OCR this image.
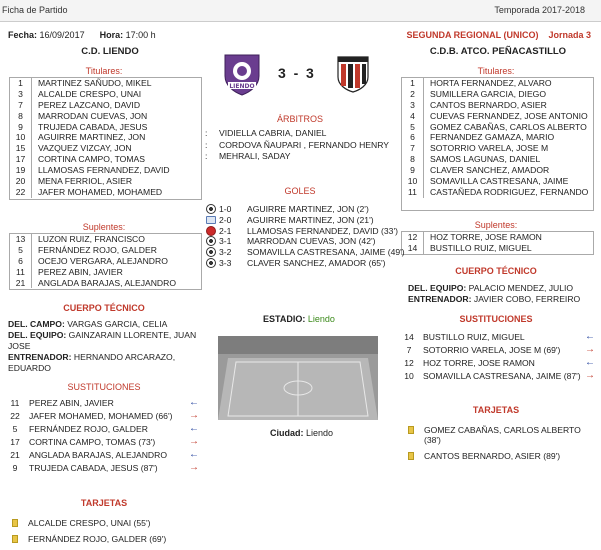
Ficha de Partido	Temporada 2017-2018
Fecha: 16/09/2017 Hora: 17:00 h	SEGUNDA REGIONAL (UNICO) Jornada 3
C.D. LIENDO	C.D.B. ATCO. PEÑACASTILLO
LIENDO
3 - 3
Titulares:
1	MARTINEZ SAÑUDO, MIKEL
3	ALCALDE CRESPO, UNAI
7	PEREZ LAZCANO, DAVID
8	MARRODAN CUEVAS, JON
9	TRUJEDA CABADA, JESUS
10	AGUIRRE MARTINEZ, JON
15	VAZQUEZ VIZCAY, JON
17	CORTINA CAMPO, TOMAS
19	LLAMOSAS FERNANDEZ, DAVID
20	MENA FERRIOL, ASIER
22	JAFER MOHAMED, MOHAMED
Suplentes:
13	LUZON RUIZ, FRANCISCO
5	FERNÁNDEZ ROJO, GALDER
6	OCEJO VERGARA, ALEJANDRO
11	PEREZ ABIN, JAVIER
21	ANGLADA BARAJAS, ALEJANDRO
CUERPO TÉCNICO
DEL. CAMPO: VARGAS GARCIA, CELIA
DEL. EQUIPO: GAINZARAIN LLORENTE, JUAN JOSE
ENTRENADOR: HERNANDO ARCARAZO, EDUARDO
SUSTITUCIONES
11	PEREZ ABIN, JAVIER	←
22	JAFER MOHAMED, MOHAMED (66')	→
5	FERNÁNDEZ ROJO, GALDER	←
17	CORTINA CAMPO, TOMAS (73')	→
21	ANGLADA BARAJAS, ALEJANDRO	←
9	TRUJEDA CABADA, JESUS (87')	→
TARJETAS
ALCALDE CRESPO, UNAI (55')
FERNÁNDEZ ROJO, GALDER (69')
Titulares:
1	HORTA FERNANDEZ, ALVARO
2	SUMILLERA GARCIA, DIEGO
3	CANTOS BERNARDO, ASIER
4	CUEVAS FERNANDEZ, JOSE ANTONIO
5	GOMEZ CABAÑAS, CARLOS ALBERTO
6	FERNANDEZ GAMAZA, MARIO
7	SOTORRIO VARELA, JOSE M
8	SAMOS LAGUNAS, DANIEL
9	CLAVER SANCHEZ, AMADOR
10	SOMAVILLA CASTRESANA, JAIME
11	CASTAÑEDA RODRIGUEZ, FERNANDO
Suplentes:
12	HOZ TORRE, JOSE RAMON
14	BUSTILLO RUIZ, MIGUEL
CUERPO TÉCNICO
DEL. EQUIPO: PALACIO MENDEZ, JULIO
ENTRENADOR: JAVIER COBO, FERREIRO
SUSTITUCIONES
14	BUSTILLO RUIZ, MIGUEL	←
7	SOTORRIO VARELA, JOSE M (69')	→
12	HOZ TORRE, JOSE RAMON	←
10	SOMAVILLA CASTRESANA, JAIME (87') →
TARJETAS
GOMEZ CABAÑAS, CARLOS ALBERTO (38')
CANTOS BERNARDO, ASIER (89')
ÁRBITROS
:	VIDIELLA CABRIA, DANIEL
:	CORDOVA ÑAUPARI , FERNANDO HENRY
:	MEHRALI, SADAY
GOLES
1-0	AGUIRRE MARTINEZ, JON (2')
2-0	AGUIRRE MARTINEZ, JON (21')
2-1	LLAMOSAS FERNANDEZ, DAVID (33')
3-1	MARRODAN CUEVAS, JON (42')
3-2	SOMAVILLA CASTRESANA, JAIME (49')
3-3	CLAVER SANCHEZ, AMADOR (65')
ESTADIO: Liendo
Ciudad: Liendo
